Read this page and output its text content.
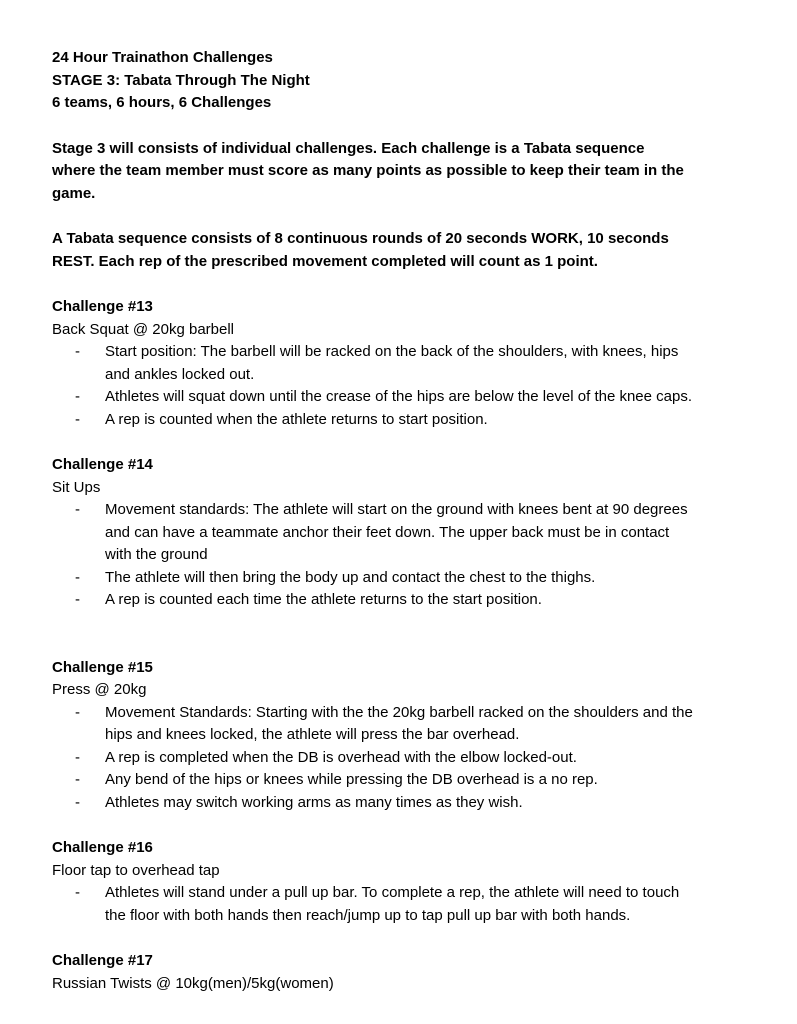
24 Hour Trainathon Challenges
STAGE 3: Tabata Through The Night
6 teams, 6 hours, 6 Challenges
Stage 3 will consists of individual challenges. Each challenge is a Tabata sequence
where the team member must score as many points as possible to keep their team in the
game.
A Tabata sequence consists of 8 continuous rounds of 20 seconds WORK, 10 seconds
REST. Each rep of the prescribed movement completed will count as 1 point.

Challenge #13

Back Squat @ 20kg barbell

- Start position: The barbell will be racked on the back of the shoulders, with knees, hips
and ankles locked out.
- Athletes will squat down until the crease of the hips are below the level of the knee caps.
- A rep is counted when the athlete returns to start position.

Challenge #14

Sit Ups

- Movement standards: The athlete will start on the ground with knees bent at 90 degrees
and can have a teammate anchor their feet down. The upper back must be in contact
with the ground
- The athlete will then bring the body up and contact the chest to the thighs.
- A rep is counted each time the athlete returns to the start position.

Challenge #15

Press @ 20kg

- Movement Standards: Starting with the the 20kg barbell racked on the shoulders and the
hips and knees locked, the athlete will press the bar overhead.
- A rep is completed when the DB is overhead with the elbow locked-out.
- Any bend of the hips or knees while pressing the DB overhead is a no rep.
- Athletes may switch working arms as many times as they wish.

Challenge #16

Floor tap to overhead tap

- Athletes will stand under a pull up bar. To complete a rep, the athlete will need to touch
the floor with both hands then reach/jump up to tap pull up bar with both hands.

Challenge #17

Russian Twists @ 10kg(men)/5kg(women)
